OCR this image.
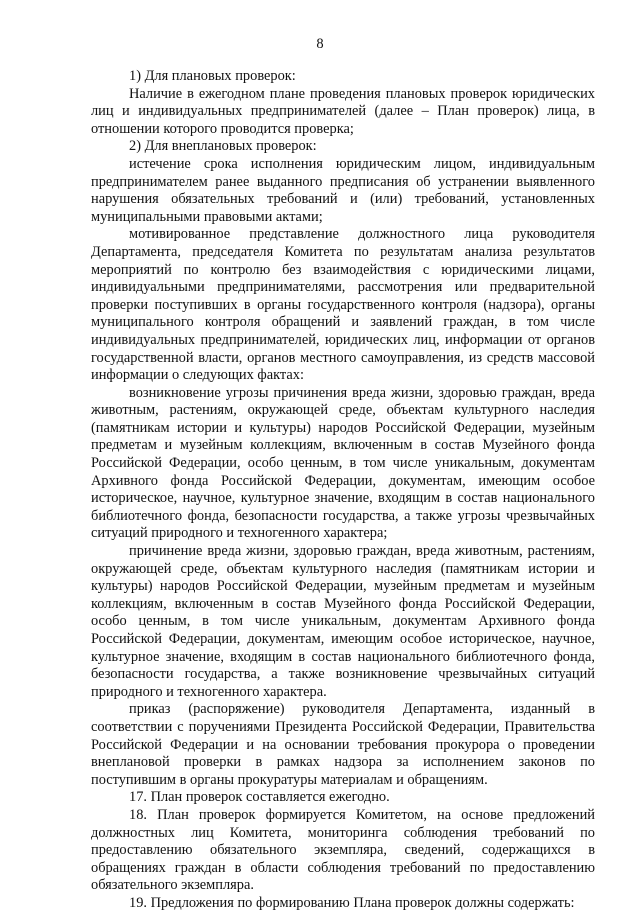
8

1) Для плановых проверок:

Наличие в ежегодном плане проведения плановых проверок юридических лиц и индивидуальных предпринимателей (далее – План проверок) лица, в отношении которого проводится проверка;

2) Для внеплановых проверок:

истечение срока исполнения юридическим лицом, индивидуальным предпринимателем ранее выданного предписания об устранении выявленного нарушения обязательных требований и (или) требований, установленных муниципальными правовыми актами;

мотивированное представление должностного лица руководителя Департамента, председателя Комитета по результатам анализа результатов мероприятий по контролю без взаимодействия с юридическими лицами, индивидуальными предпринимателями, рассмотрения или предварительной проверки поступивших в органы государственного контроля (надзора), органы муниципального контроля обращений и заявлений граждан, в том числе индивидуальных предпринимателей, юридических лиц, информации от органов государственной власти, органов местного самоуправления, из средств массовой информации о следующих фактах:

возникновение угрозы причинения вреда жизни, здоровью граждан, вреда животным, растениям, окружающей среде, объектам культурного наследия (памятникам истории и культуры) народов Российской Федерации, музейным предметам и музейным коллекциям, включенным в состав Музейного фонда Российской Федерации, особо ценным, в том числе уникальным, документам Архивного фонда Российской Федерации, документам, имеющим особое историческое, научное, культурное значение, входящим в состав национального библиотечного фонда, безопасности государства, а также угрозы чрезвычайных ситуаций природного и техногенного характера;

причинение вреда жизни, здоровью граждан, вреда животным, растениям, окружающей среде, объектам культурного наследия (памятникам истории и культуры) народов Российской Федерации, музейным предметам и музейным коллекциям, включенным в состав Музейного фонда Российской Федерации, особо ценным, в том числе уникальным, документам Архивного фонда Российской Федерации, документам, имеющим особое историческое, научное, культурное значение, входящим в состав национального библиотечного фонда, безопасности государства, а также возникновение чрезвычайных ситуаций природного и техногенного характера.

приказ (распоряжение) руководителя Департамента, изданный в соответствии с поручениями Президента Российской Федерации, Правительства Российской Федерации и на основании требования прокурора о проведении внеплановой проверки в рамках надзора за исполнением законов по поступившим в органы прокуратуры материалам и обращениям.

17. План проверок составляется ежегодно.

18. План проверок формируется Комитетом, на основе предложений должностных лиц Комитета, мониторинга соблюдения требований по предоставлению обязательного экземпляра, сведений, содержащихся в обращениях граждан в области соблюдения требований по предоставлению обязательного экземпляра.

19. Предложения по формированию Плана проверок должны содержать:
